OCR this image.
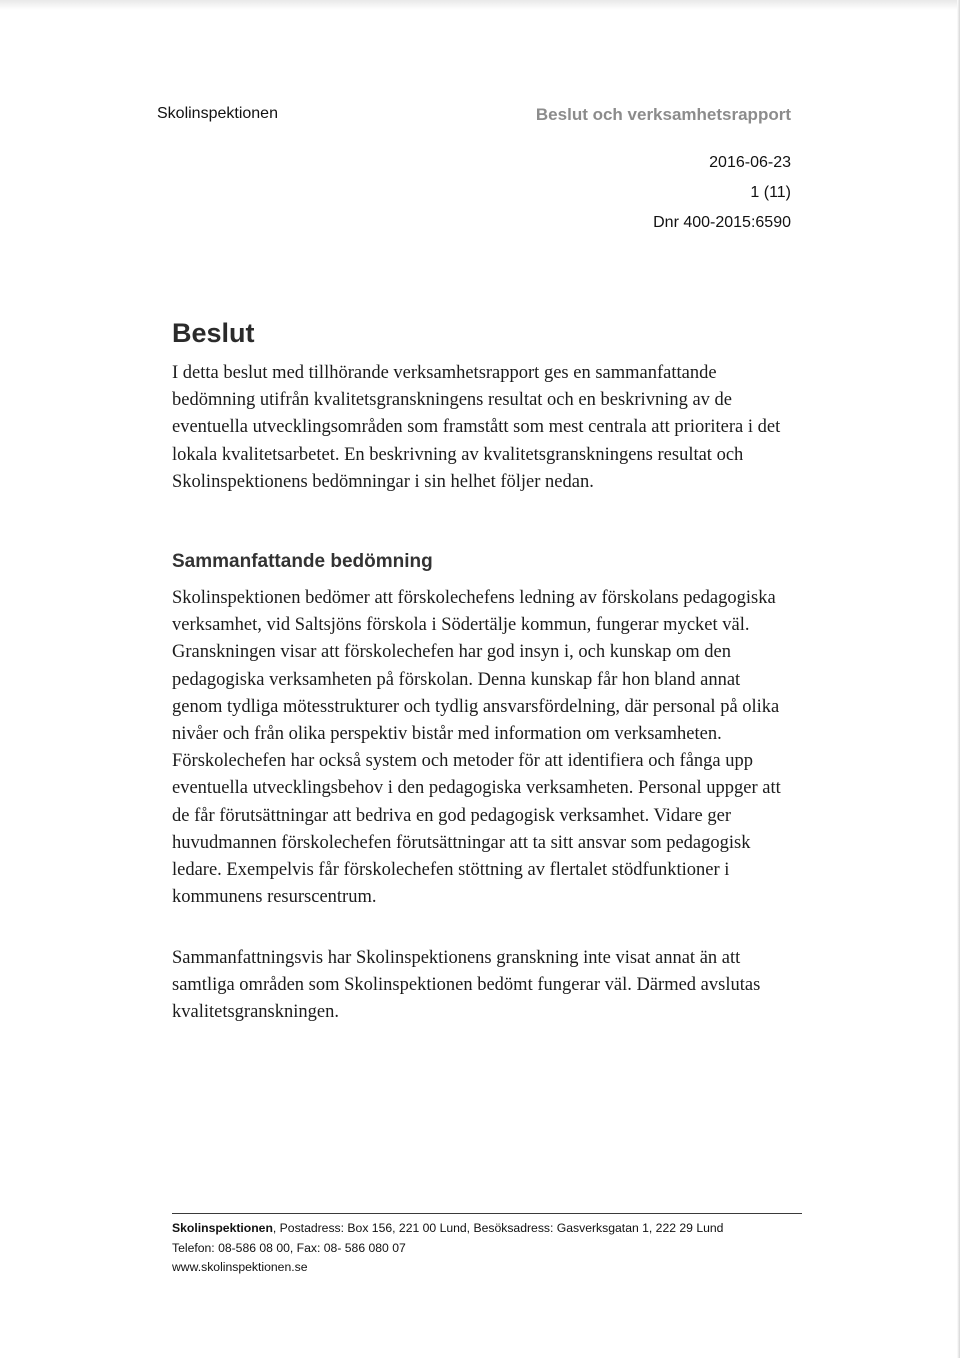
Skolinspektionen	Beslut och verksamhetsrapport
2016-06-23
1 (11)
Dnr 400-2015:6590
Beslut

I detta beslut med tillhörande verksamhetsrapport ges en sammanfattande bedömning utifrån kvalitetsgranskningens resultat och en beskrivning av de eventuella utvecklingsområden som framstått som mest centrala att prioritera i det lokala kvalitetsarbetet. En beskrivning av kvalitetsgranskningens resultat och Skolinspektionens bedömningar i sin helhet följer nedan.

Sammanfattande bedömning

Skolinspektionen bedömer att förskolechefens ledning av förskolans pedagogiska verksamhet, vid Saltsjöns förskola i Södertälje kommun, fungerar mycket väl. Granskningen visar att förskolechefen har god insyn i, och kunskap om den pedagogiska verksamheten på förskolan. Denna kunskap får hon bland annat genom tydliga mötesstrukturer och tydlig ansvarsfördelning, där personal på olika nivåer och från olika perspektiv bistår med information om verksamheten. Förskolechefen har också system och metoder för att identifiera och fånga upp eventuella utvecklingsbehov i den pedagogiska verksamheten. Personal uppger att de får förutsättningar att bedriva en god pedagogisk verksamhet. Vidare ger huvudmannen förskolechefen förutsättningar att ta sitt ansvar som pedagogisk ledare. Exempelvis får förskolechefen stöttning av flertalet stödfunktioner i kommunens resurscentrum.

Sammanfattningsvis har Skolinspektionens granskning inte visat annat än att samtliga områden som Skolinspektionen bedömt fungerar väl. Därmed avslutas kvalitetsgranskningen.

Skolinspektionen, Postadress: Box 156, 221 00 Lund, Besöksadress: Gasverksgatan 1, 222 29 Lund
Telefon: 08-586 08 00, Fax: 08- 586 080 07
www.skolinspektionen.se
